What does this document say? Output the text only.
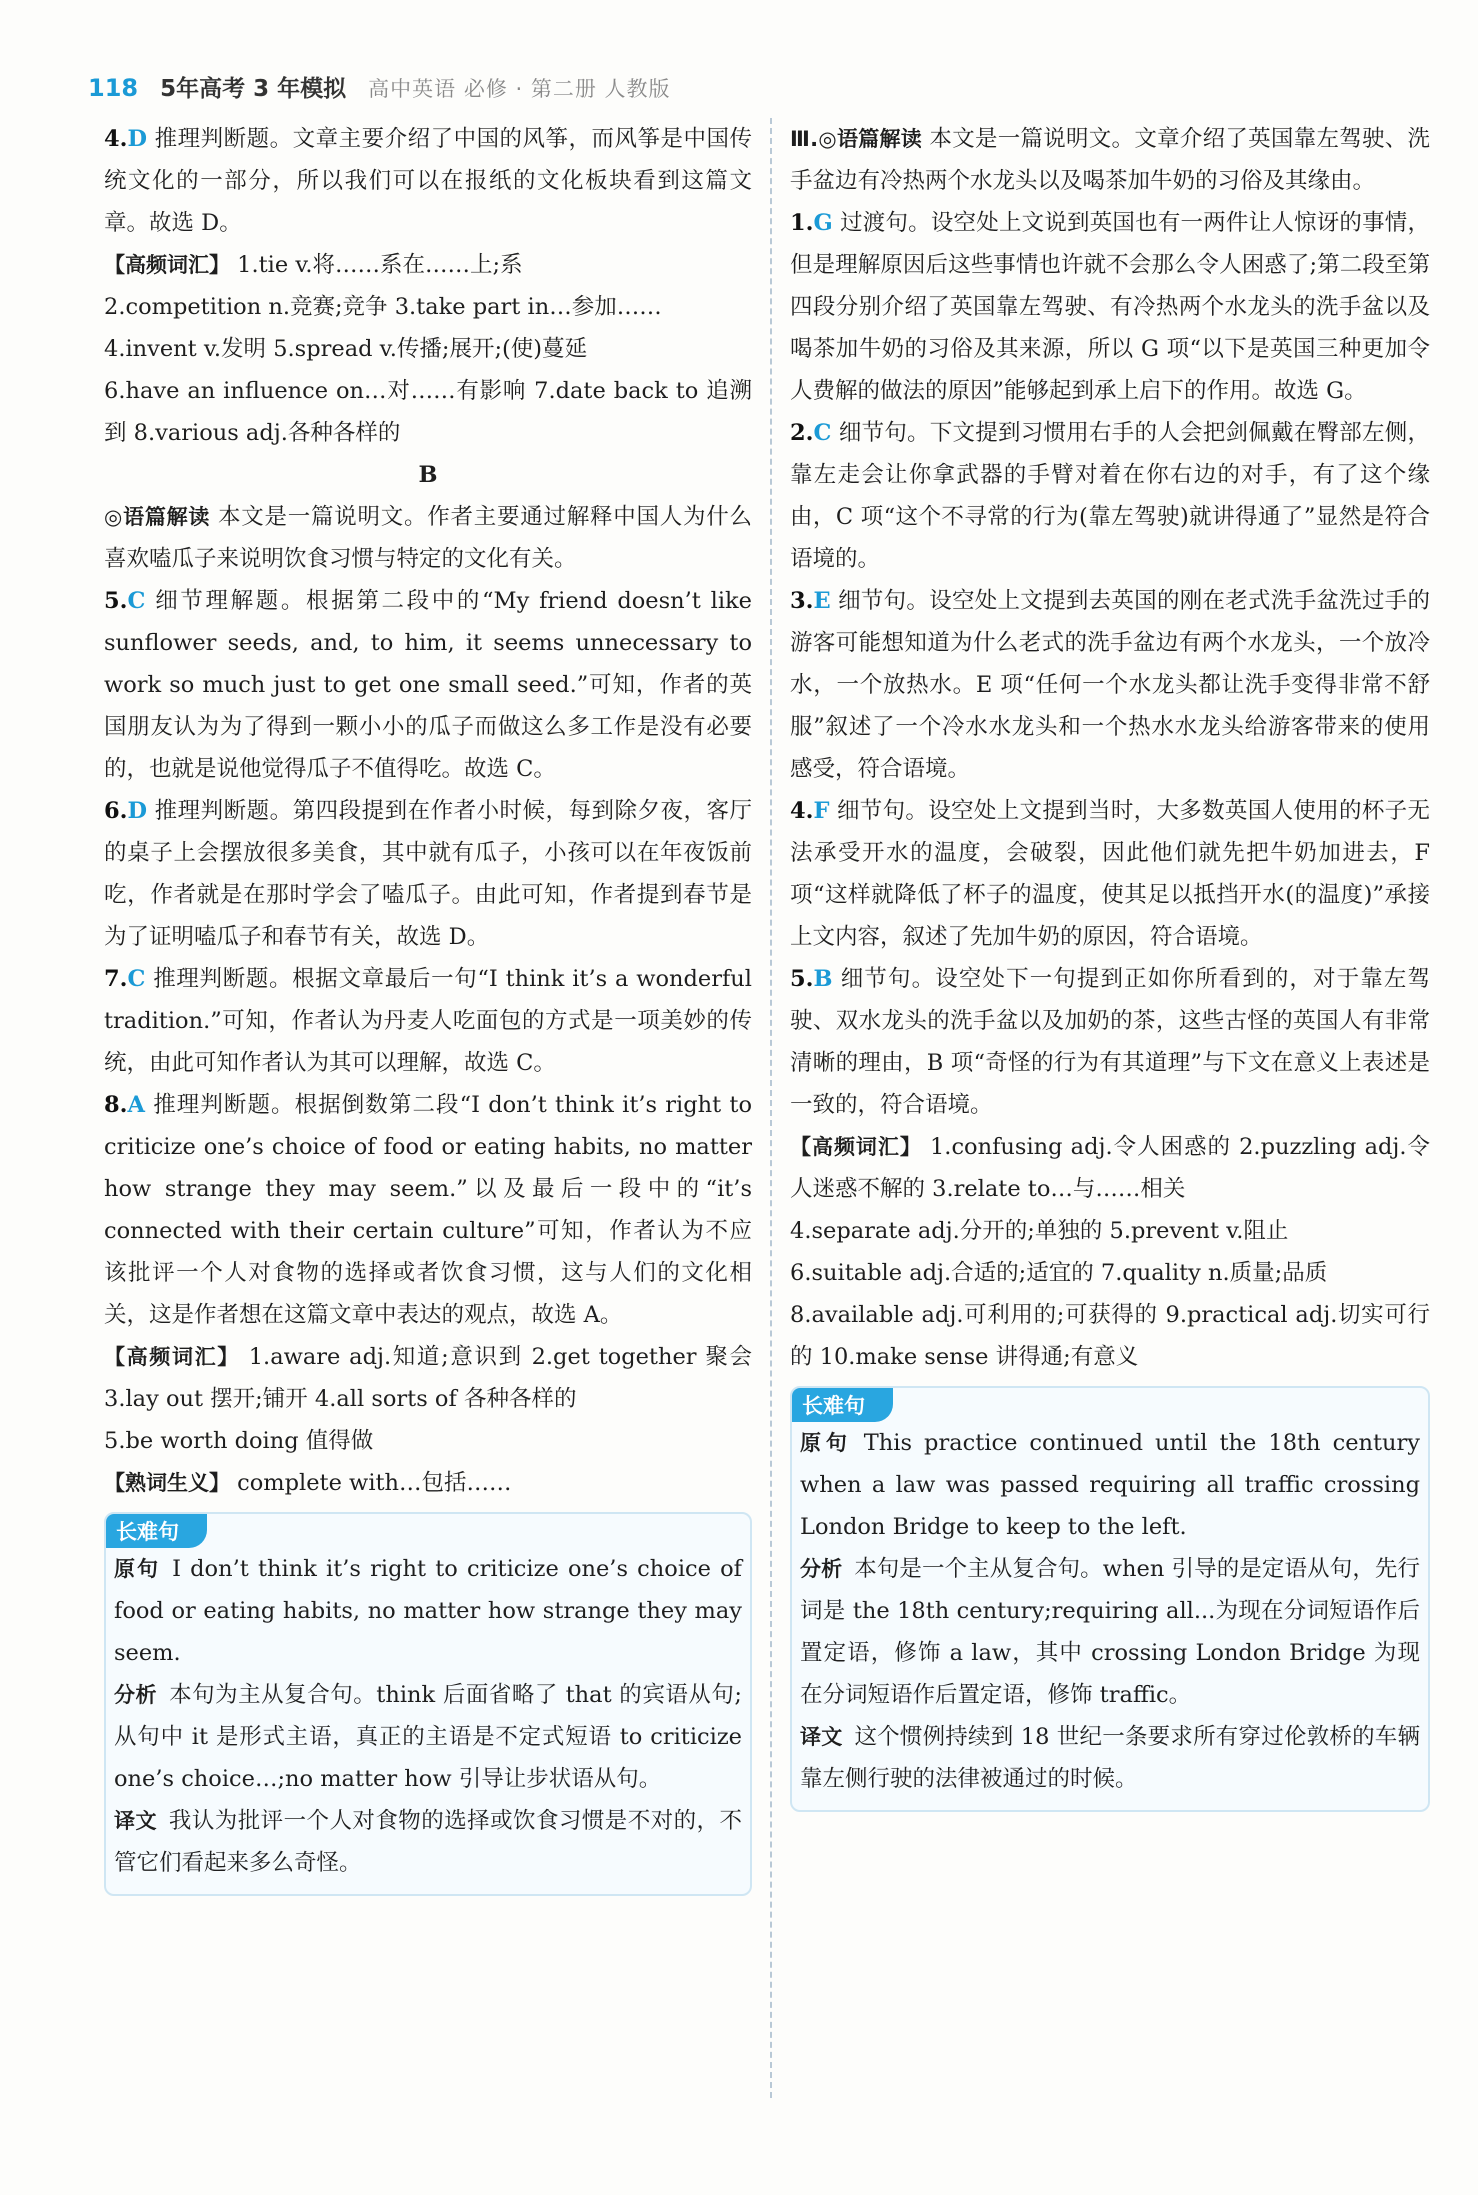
118 5年高考 3 年模拟 高中英语 必修 · 第二册 人教版

4.D 推理判断题。文章主要介绍了中国的风筝，而风筝是中国传统文化的一部分，所以我们可以在报纸的文化板块看到这篇文章。故选 D。

【高频词汇】 1.tie v.将……系在……上;系

2.competition n.竞赛;竞争 3.take part in…参加……

4.invent v.发明 5.spread v.传播;展开;(使)蔓延

6.have an influence on…对……有影响 7.date back to 追溯到 8.various adj.各种各样的

B

◎语篇解读 本文是一篇说明文。作者主要通过解释中国人为什么喜欢嗑瓜子来说明饮食习惯与特定的文化有关。

5.C 细节理解题。根据第二段中的“My friend doesn’t like sunflower seeds, and, to him, it seems unnecessary to work so much just to get one small seed.”可知，作者的英国朋友认为为了得到一颗小小的瓜子而做这么多工作是没有必要的，也就是说他觉得瓜子不值得吃。故选 C。

6.D 推理判断题。第四段提到在作者小时候，每到除夕夜，客厅的桌子上会摆放很多美食，其中就有瓜子，小孩可以在年夜饭前吃，作者就是在那时学会了嗑瓜子。由此可知，作者提到春节是为了证明嗑瓜子和春节有关，故选 D。

7.C 推理判断题。根据文章最后一句“I think it’s a wonderful tradition.”可知，作者认为丹麦人吃面包的方式是一项美妙的传统，由此可知作者认为其可以理解，故选 C。

8.A 推理判断题。根据倒数第二段“I don’t think it’s right to criticize one’s choice of food or eating habits, no matter how strange they may seem.”以及最后一段中的“it’s connected with their certain culture”可知，作者认为不应该批评一个人对食物的选择或者饮食习惯，这与人们的文化相关，这是作者想在这篇文章中表达的观点，故选 A。

【高频词汇】 1.aware adj.知道;意识到 2.get together 聚会 3.lay out 摆开;铺开 4.all sorts of 各种各样的

5.be worth doing 值得做

【熟词生义】 complete with…包括……

长难句

原句 I don’t think it’s right to criticize one’s choice of food or eating habits, no matter how strange they may seem.

分析 本句为主从复合句。think 后面省略了 that 的宾语从句;从句中 it 是形式主语，真正的主语是不定式短语 to criticize one’s choice…;no matter how 引导让步状语从句。

译文 我认为批评一个人对食物的选择或饮食习惯是不对的，不管它们看起来多么奇怪。

Ⅲ.◎语篇解读 本文是一篇说明文。文章介绍了英国靠左驾驶、洗手盆边有冷热两个水龙头以及喝茶加牛奶的习俗及其缘由。

1.G 过渡句。设空处上文说到英国也有一两件让人惊讶的事情，但是理解原因后这些事情也许就不会那么令人困惑了;第二段至第四段分别介绍了英国靠左驾驶、有冷热两个水龙头的洗手盆以及喝茶加牛奶的习俗及其来源，所以 G 项“以下是英国三种更加令人费解的做法的原因”能够起到承上启下的作用。故选 G。

2.C 细节句。下文提到习惯用右手的人会把剑佩戴在臀部左侧，靠左走会让你拿武器的手臂对着在你右边的对手，有了这个缘由，C 项“这个不寻常的行为(靠左驾驶)就讲得通了”显然是符合语境的。

3.E 细节句。设空处上文提到去英国的刚在老式洗手盆洗过手的游客可能想知道为什么老式的洗手盆边有两个水龙头，一个放冷水，一个放热水。E 项“任何一个水龙头都让洗手变得非常不舒服”叙述了一个冷水水龙头和一个热水水龙头给游客带来的使用感受，符合语境。

4.F 细节句。设空处上文提到当时，大多数英国人使用的杯子无法承受开水的温度，会破裂，因此他们就先把牛奶加进去，F 项“这样就降低了杯子的温度，使其足以抵挡开水(的温度)”承接上文内容，叙述了先加牛奶的原因，符合语境。

5.B 细节句。设空处下一句提到正如你所看到的，对于靠左驾驶、双水龙头的洗手盆以及加奶的茶，这些古怪的英国人有非常清晰的理由，B 项“奇怪的行为有其道理”与下文在意义上表述是一致的，符合语境。

【高频词汇】 1.confusing adj.令人困惑的 2.puzzling adj.令人迷惑不解的 3.relate to…与……相关

4.separate adj.分开的;单独的 5.prevent v.阻止

6.suitable adj.合适的;适宜的 7.quality n.质量;品质

8.available adj.可利用的;可获得的 9.practical adj.切实可行的 10.make sense 讲得通;有意义

长难句

原句 This practice continued until the 18th century when a law was passed requiring all traffic crossing London Bridge to keep to the left.

分析 本句是一个主从复合句。when 引导的是定语从句，先行词是 the 18th century;requiring all...为现在分词短语作后置定语，修饰 a law，其中 crossing London Bridge 为现在分词短语作后置定语，修饰 traffic。

译文 这个惯例持续到 18 世纪一条要求所有穿过伦敦桥的车辆靠左侧行驶的法律被通过的时候。
